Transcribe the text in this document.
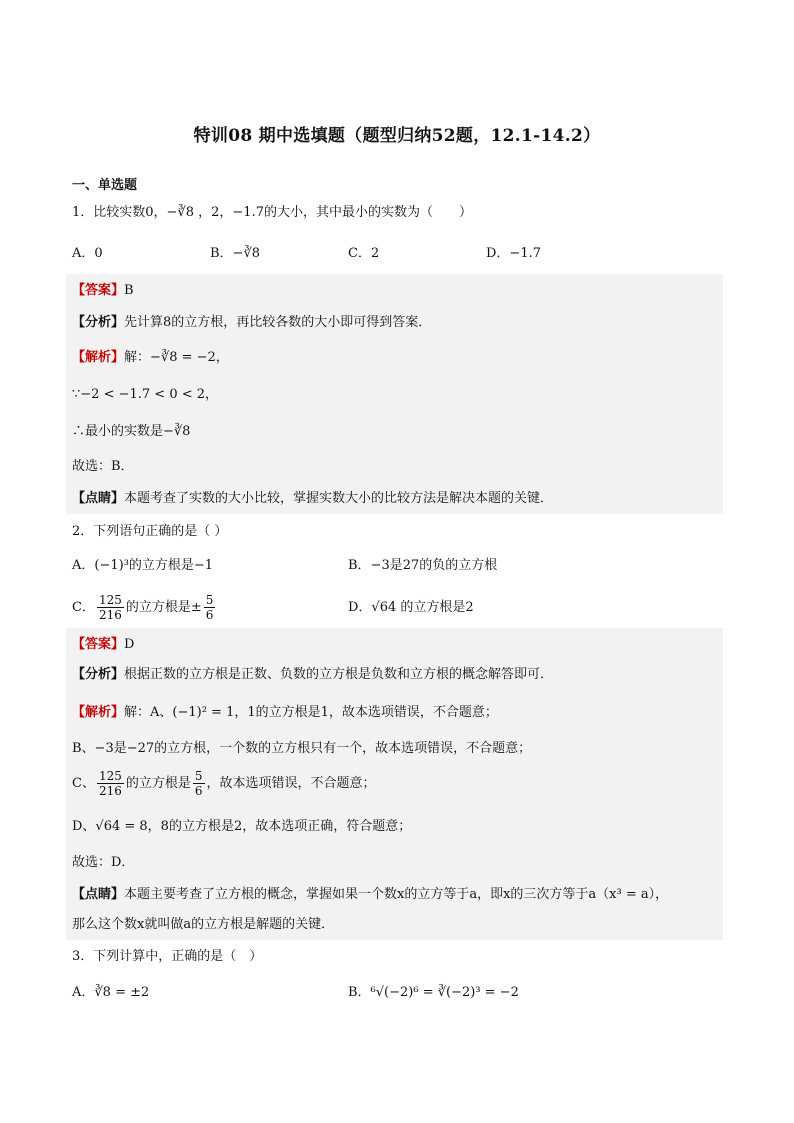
特训08 期中选填题（题型归纳52题，12.1-14.2）
一、单选题
1．比较实数0，−∛8 ，2，−1.7的大小，其中最小的实数为（　　）
A．0	B．−∛8	C．2	D．−1.7
【答案】B
【分析】先计算8的立方根，再比较各数的大小即可得到答案．
【解析】解：−∛8 = −2，
∵−2 < −1.7 < 0 < 2，
∴最小的实数是−∛8
故选：B．
【点睛】本题考查了实数的大小比较，掌握实数大小的比较方法是解决本题的关键．
2．下列语句正确的是（ ）
A．(−1)³的立方根是−1	B．−3是27的负的立方根
C． $\frac{125}{216}$ 的立方根是± $\frac{5}{6}$	D．√64 的立方根是2
【答案】D
【分析】根据正数的立方根是正数、负数的立方根是负数和立方根的概念解答即可．
【解析】解：A、(−1)² = 1，1的立方根是1，故本选项错误，不合题意；
B、−3是−27的立方根，一个数的立方根只有一个，故本选项错误，不合题意；
C、 $\frac{125}{216}$ 的立方根是 $\frac{5}{6}$ ，故本选项错误，不合题意；
D、√64 = 8，8的立方根是2，故本选项正确，符合题意；
故选：D．
【点睛】本题主要考查了立方根的概念，掌握如果一个数x的立方等于a，即x的三次方等于a（x³ = a），
那么这个数x就叫做a的立方根是解题的关键．
3．下列计算中，正确的是（　）
A．∛8 = ±2	B．⁶√(−2)⁶ = ∛(−2)³ = −2
